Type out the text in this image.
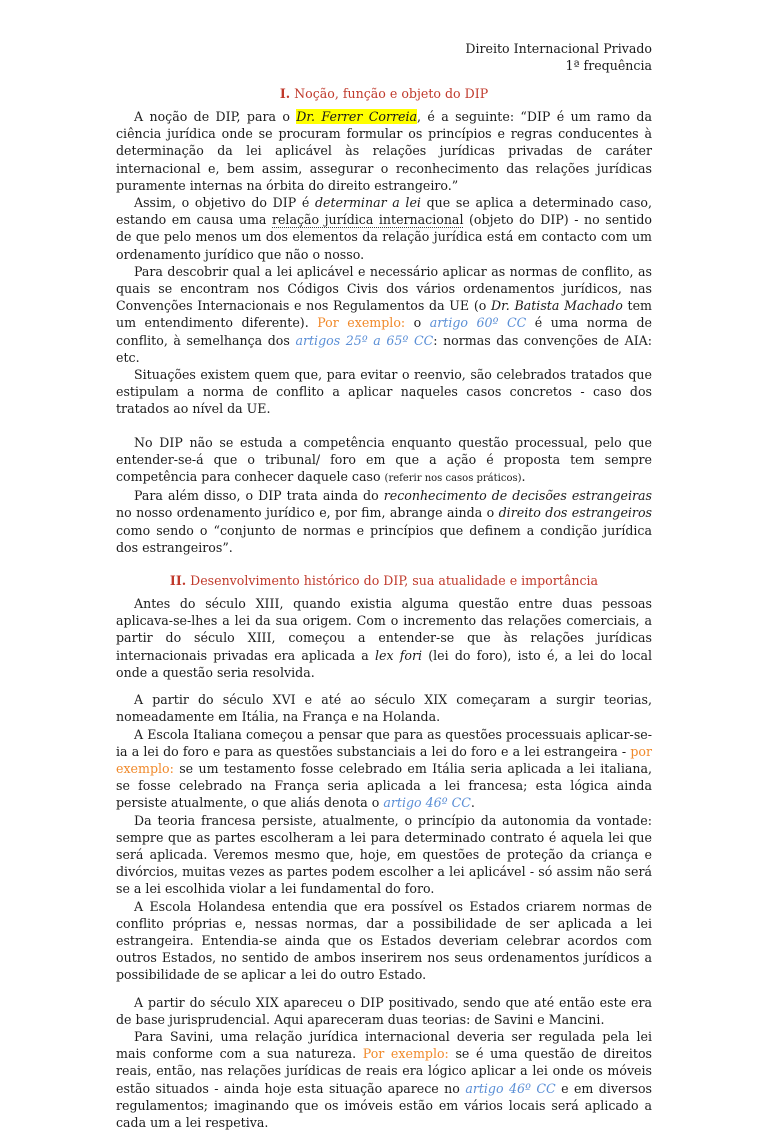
Direito Internacional Privado
1ª frequência
I. Noção, função e objeto do DIP

A noção de DIP, para o Dr. Ferrer Correia, é a seguinte: “DIP é um ramo da ciência jurídica onde se procuram formular os princípios e regras conducentes à determinação da lei aplicável às relações jurídicas privadas de caráter internacional e, bem assim, assegurar o reconhecimento das relações jurídicas puramente internas na órbita do direito estrangeiro.”

Assim, o objetivo do DIP é determinar a lei que se aplica a determinado caso, estando em causa uma relação jurídica internacional (objeto do DIP) - no sentido de que pelo menos um dos elementos da relação jurídica está em contacto com um ordenamento jurídico que não o nosso.

Para descobrir qual a lei aplicável e necessário aplicar as normas de conflito, as quais se encontram nos Códigos Civis dos vários ordenamentos jurídicos, nas Convenções Internacionais e nos Regulamentos da UE (o Dr. Batista Machado tem um entendimento diferente). Por exemplo: o artigo 60º CC é uma norma de conflito, à semelhança dos artigos 25º a 65º CC: normas das convenções de AIA: etc.

Situações existem quem que, para evitar o reenvio, são celebrados tratados que estipulam a norma de conflito a aplicar naqueles casos concretos - caso dos tratados ao nível da UE.

No DIP não se estuda a competência enquanto questão processual, pelo que entender-se-á que o tribunal/ foro em que a ação é proposta tem sempre competência para conhecer daquele caso (referir nos casos práticos).

Para além disso, o DIP trata ainda do reconhecimento de decisões estrangeiras no nosso ordenamento jurídico e, por fim, abrange ainda o direito dos estrangeiros como sendo o “conjunto de normas e princípios que definem a condição jurídica dos estrangeiros”.

II. Desenvolvimento histórico do DIP, sua atualidade e importância

Antes do século XIII, quando existia alguma questão entre duas pessoas aplicava-se-lhes a lei da sua origem. Com o incremento das relações comerciais, a partir do século XIII, começou a entender-se que às relações jurídicas internacionais privadas era aplicada a lex fori (lei do foro), isto é, a lei do local onde a questão seria resolvida.

A partir do século XVI e até ao século XIX começaram a surgir teorias, nomeadamente em Itália, na França e na Holanda.

A Escola Italiana começou a pensar que para as questões processuais aplicar-se-ia a lei do foro e para as questões substanciais a lei do foro e a lei estrangeira - por exemplo: se um testamento fosse celebrado em Itália seria aplicada a lei italiana, se fosse celebrado na França seria aplicada a lei francesa; esta lógica ainda persiste atualmente, o que aliás denota o artigo 46º CC.

Da teoria francesa persiste, atualmente, o princípio da autonomia da vontade: sempre que as partes escolheram a lei para determinado contrato é aquela lei que será aplicada. Veremos mesmo que, hoje, em questões de proteção da criança e divórcios, muitas vezes as partes podem escolher a lei aplicável - só assim não será se a lei escolhida violar a lei fundamental do foro.

A Escola Holandesa entendia que era possível os Estados criarem normas de conflito próprias e, nessas normas, dar a possibilidade de ser aplicada a lei estrangeira. Entendia-se ainda que os Estados deveriam celebrar acordos com outros Estados, no sentido de ambos inserirem nos seus ordenamentos jurídicos a possibilidade de se aplicar a lei do outro Estado.

A partir do século XIX apareceu o DIP positivado, sendo que até então este era de base jurisprudencial. Aqui apareceram duas teorias: de Savini e Mancini.

Para Savini, uma relação jurídica internacional deveria ser regulada pela lei mais conforme com a sua natureza. Por exemplo: se é uma questão de direitos reais, então, nas relações jurídicas de reais era lógico aplicar a lei onde os móveis estão situados - ainda hoje esta situação aparece no artigo 46º CC e em diversos regulamentos; imaginando que os imóveis estão em vários locais será aplicado a cada um a lei respetiva.
